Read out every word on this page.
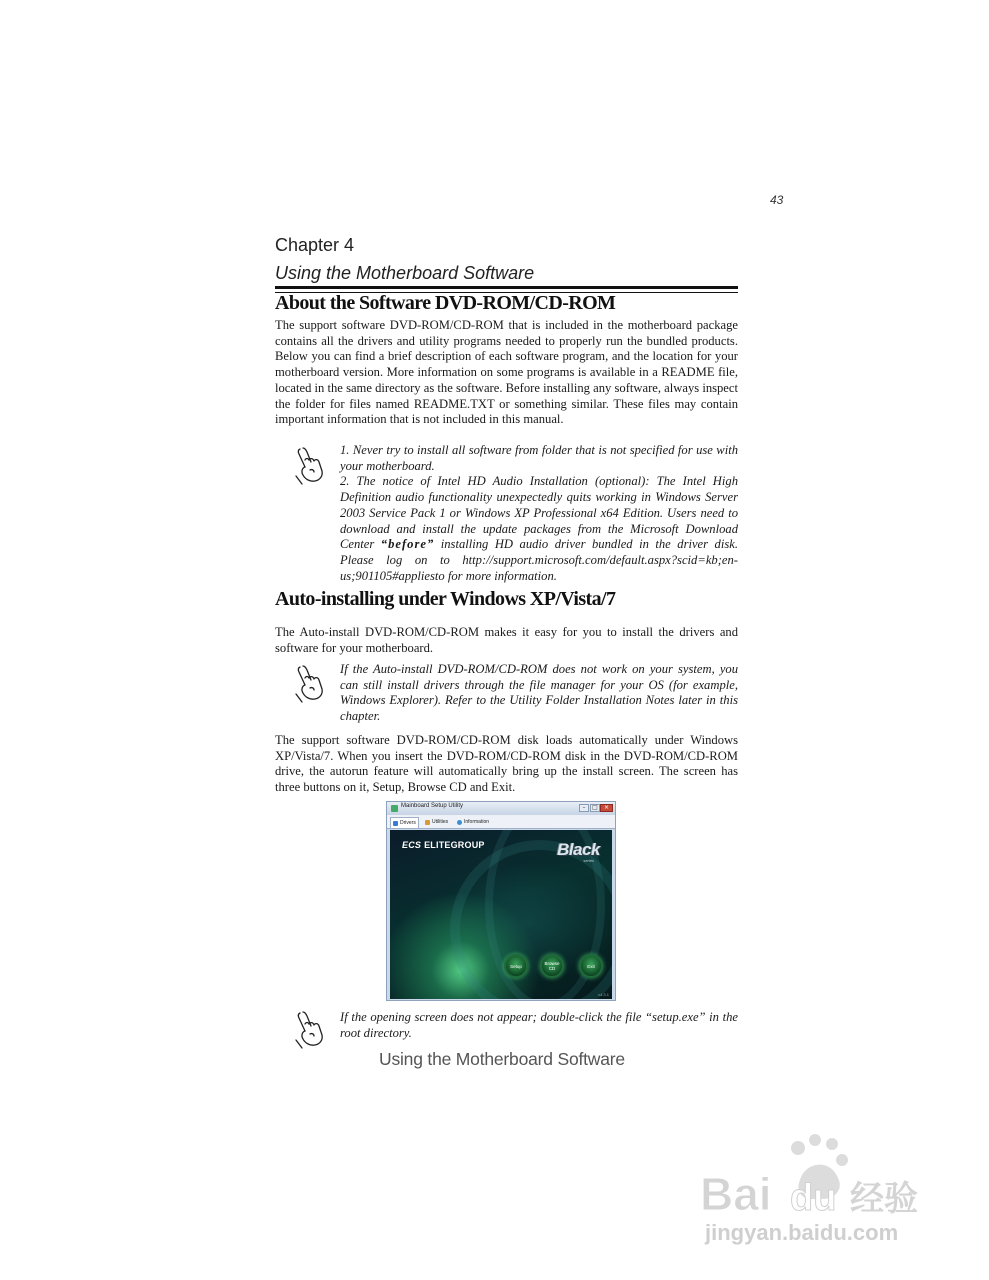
43
Chapter 4
Using the Motherboard Software
About the Software DVD-ROM/CD-ROM

The support software DVD-ROM/CD-ROM that is included in the motherboard package contains all the drivers and utility programs needed to properly run the bundled products. Below you can find a brief description of each software program, and the location for your motherboard version. More information on some programs is available in a README file, located in the same directory as the software. Before installing any software, always inspect the folder for files named README.TXT or something similar. These files may contain important information that is not included in this manual.

1. Never try to install all software from folder that is not specified for use with your motherboard.
2. The notice of Intel HD Audio Installation (optional): The Intel High Definition audio functionality unexpectedly quits working in Windows Server 2003 Service Pack 1 or Windows XP Professional x64 Edition. Users need to download and install the update packages from the Microsoft Download Center “before” installing HD audio driver bundled in the driver disk. Please log on to http://support.microsoft.com/default.aspx?scid=kb;en-us;901105#appliesto for more information.
Auto-installing under Windows XP/Vista/7

The Auto-install DVD-ROM/CD-ROM makes it easy for you to install the drivers and software for your motherboard.

If the Auto-install DVD-ROM/CD-ROM does not work on your system, you can still install drivers through the file manager for your OS (for example, Windows Explorer). Refer to the Utility Folder Installation Notes later in this chapter.

The support software DVD-ROM/CD-ROM disk loads automatically under Windows XP/Vista/7. When you insert the DVD-ROM/CD-ROM disk in the DVD-ROM/CD-ROM drive, the autorun feature will automatically bring up the install screen. The screen has three buttons on it, Setup, Browse CD and Exit.

Mainboard Setup Utility	–	□	×
Drivers	Utilities	Information
ECS ELITEGROUP	Black
series
Setup	Browse CD	Exit
v4.3.1

If the opening screen does not appear; double-click the file “setup.exe” in the root directory.

Using the Motherboard Software
Bai du 经验
jingyan.baidu.com
